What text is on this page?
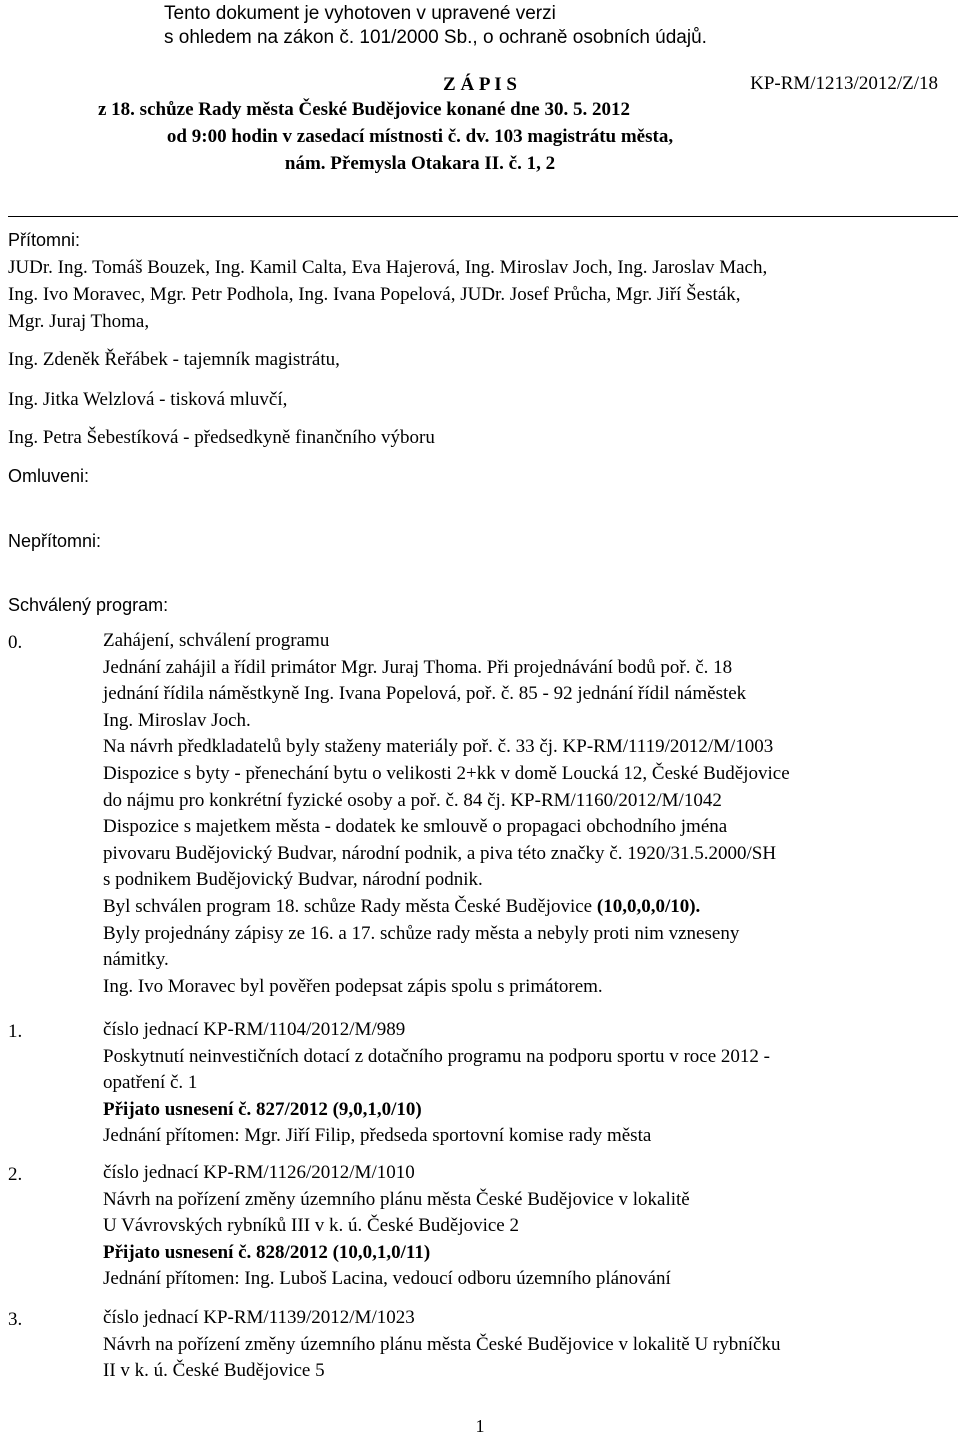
Tento dokument je vyhotoven v upravené verzi
s ohledem na zákon č. 101/2000 Sb., o ochraně osobních údajů.
KP-RM/1213/2012/Z/18
Z Á P I S
z 18. schůze Rady města České Budějovice konané dne 30. 5. 2012
od 9:00 hodin v zasedací místnosti č. dv. 103 magistrátu města,
nám. Přemysla Otakara II. č. 1, 2
Přítomni:
JUDr. Ing. Tomáš Bouzek, Ing. Kamil Calta, Eva Hajerová, Ing. Miroslav Joch, Ing. Jaroslav Mach,
Ing. Ivo Moravec, Mgr. Petr Podhola, Ing. Ivana Popelová, JUDr. Josef Průcha, Mgr. Jiří Šesták,
Mgr. Juraj Thoma,
Ing. Zdeněk Řeřábek - tajemník magistrátu,
Ing. Jitka Welzlová - tisková mluvčí,
Ing. Petra Šebestíková - předsedkyně finančního výboru
Omluveni:
Nepřítomni:
Schválený program:
0.	Zahájení, schválení programu
Jednání zahájil a řídil primátor Mgr. Juraj Thoma. Při projednávání bodů poř. č. 18
jednání řídila náměstkyně Ing. Ivana Popelová, poř. č. 85 - 92 jednání řídil náměstek
Ing. Miroslav Joch.
Na návrh předkladatelů byly staženy materiály poř. č. 33 čj. KP-RM/1119/2012/M/1003
Dispozice s byty - přenechání bytu o velikosti 2+kk v domě Loucká 12, České Budějovice
do nájmu pro konkrétní fyzické osoby a poř. č. 84 čj. KP-RM/1160/2012/M/1042
Dispozice s majetkem města - dodatek ke smlouvě o propagaci obchodního jména
pivovaru Budějovický Budvar, národní podnik, a piva této značky č. 1920/31.5.2000/SH
s podnikem Budějovický Budvar, národní podnik.
Byl schválen program 18. schůze Rady města České Budějovice (10,0,0,0/10).
Byly projednány zápisy ze 16. a 17. schůze rady města a nebyly proti nim vzneseny
námitky.
Ing. Ivo Moravec byl pověřen podepsat zápis spolu s primátorem.
1.	číslo jednací KP-RM/1104/2012/M/989
Poskytnutí neinvestičních dotací z dotačního programu na podporu sportu v roce 2012 -
opatření č. 1
Přijato usnesení č. 827/2012 (9,0,1,0/10)
Jednání přítomen: Mgr. Jiří Filip, předseda sportovní komise rady města
2.	číslo jednací KP-RM/1126/2012/M/1010
Návrh na pořízení změny územního plánu města České Budějovice v lokalitě
U Vávrovských rybníků III v k. ú. České Budějovice 2
Přijato usnesení č. 828/2012 (10,0,1,0/11)
Jednání přítomen: Ing. Luboš Lacina, vedoucí odboru územního plánování
3.	číslo jednací KP-RM/1139/2012/M/1023
Návrh na pořízení změny územního plánu města České Budějovice v lokalitě U rybníčku
II v k. ú. České Budějovice 5
1
